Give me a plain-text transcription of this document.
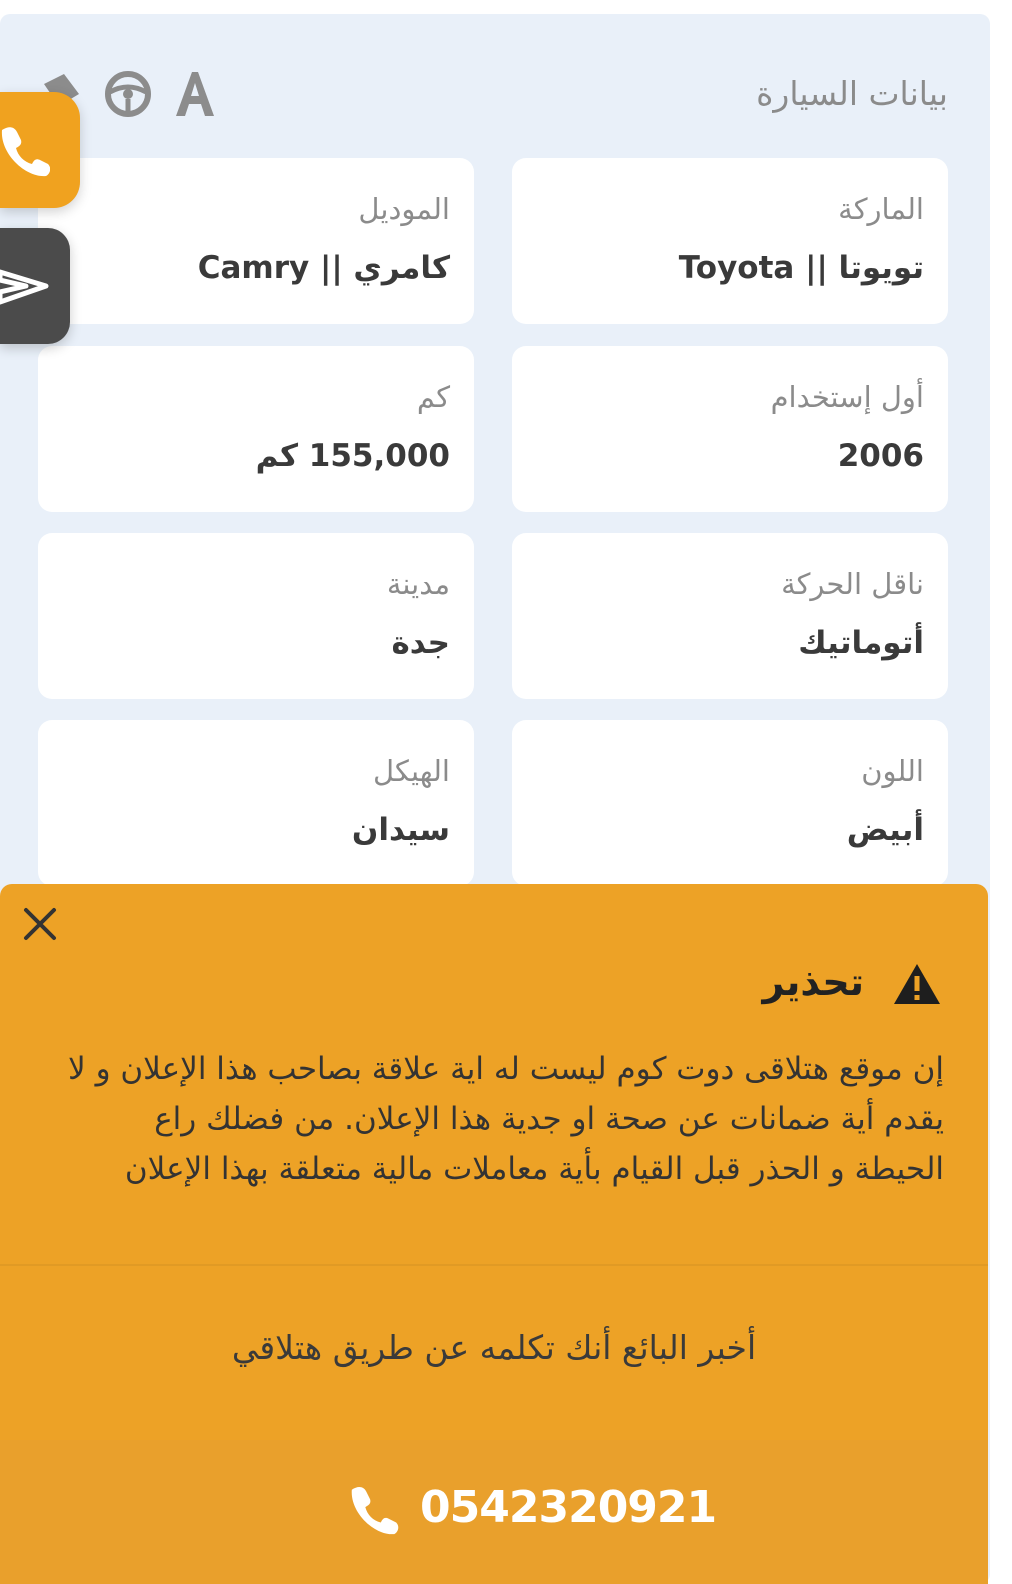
بيانات السيارة
الماركة
تويوتا || Toyota
الموديل
كامري || Camry
أول إستخدام
2006
كم
155,000 كم
ناقل الحركة
أتوماتيك
مدينة
جدة
اللون
أبيض
الهيكل
سيدان
تحذير
إن موقع هتلاقى دوت كوم ليست له اية علاقة بصاحب هذا الإعلان و لا يقدم أية ضمانات عن صحة او جدية هذا الإعلان. من فضلك راع الحيطة و الحذر قبل القيام بأية معاملات مالية متعلقة بهذا الإعلان
أخبر البائع أنك تكلمه عن طريق هتلاقي
0542320921
